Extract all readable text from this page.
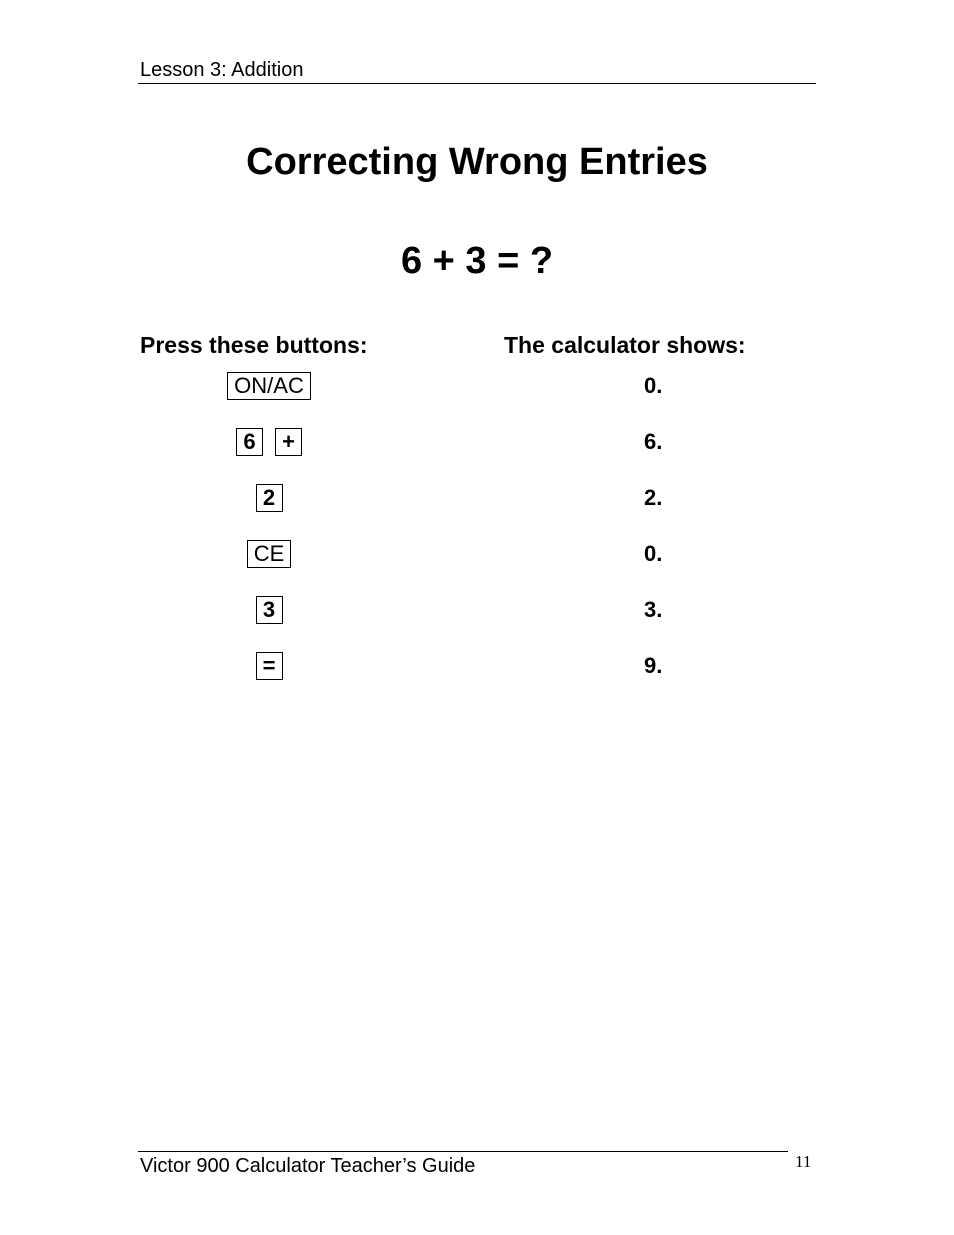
Lesson 3: Addition
Correcting Wrong Entries
6 + 3 = ?
Press these buttons:	The calculator shows:
ON/AC	0.
6 +	6.
2	2.
CE	0.
3	3.
=	9.
Victor 900 Calculator Teacher’s Guide	11
